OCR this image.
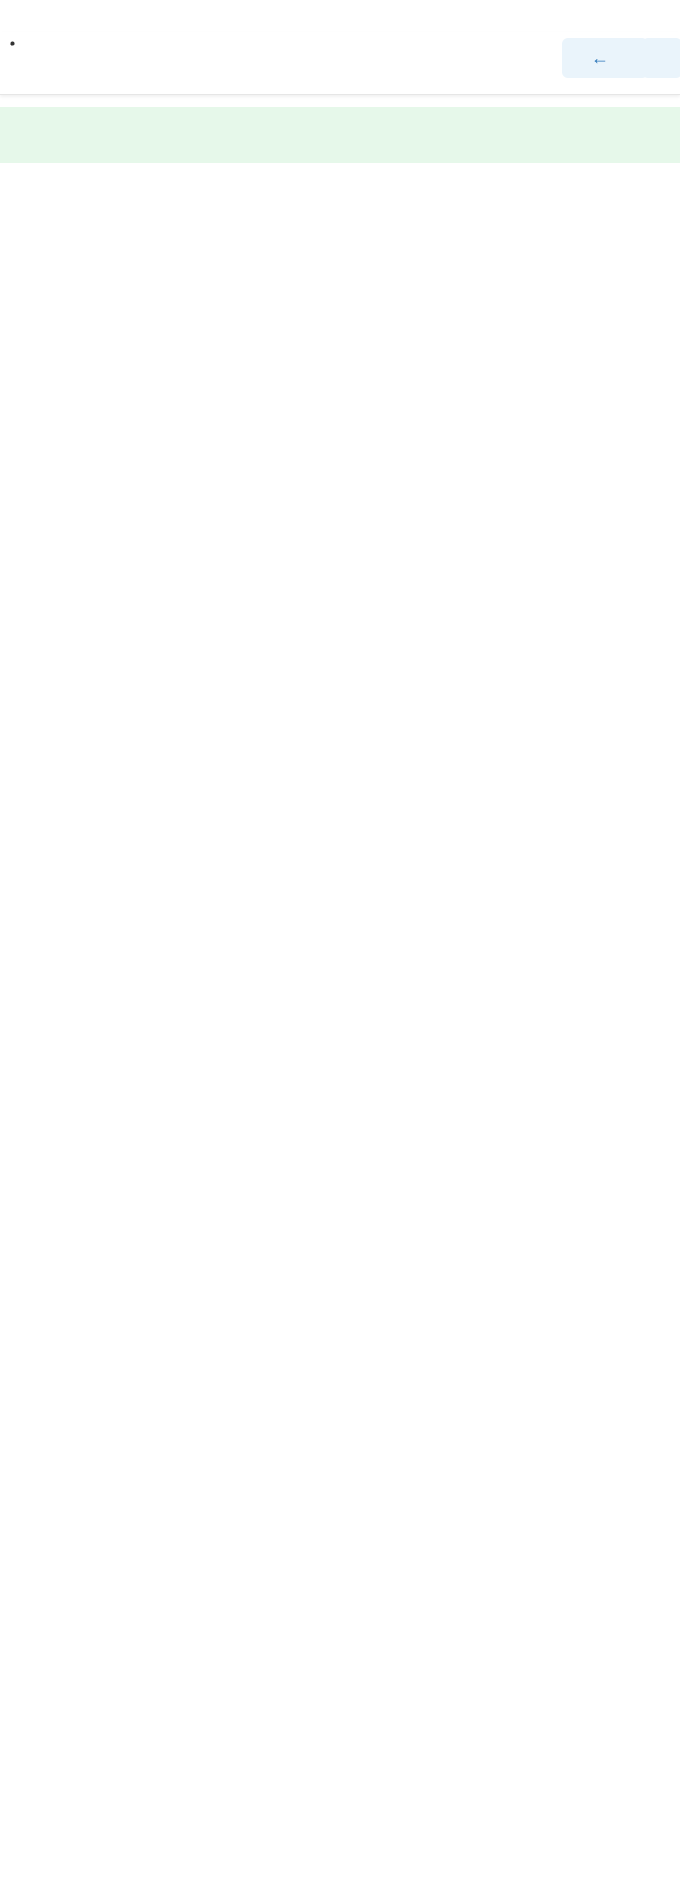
←
